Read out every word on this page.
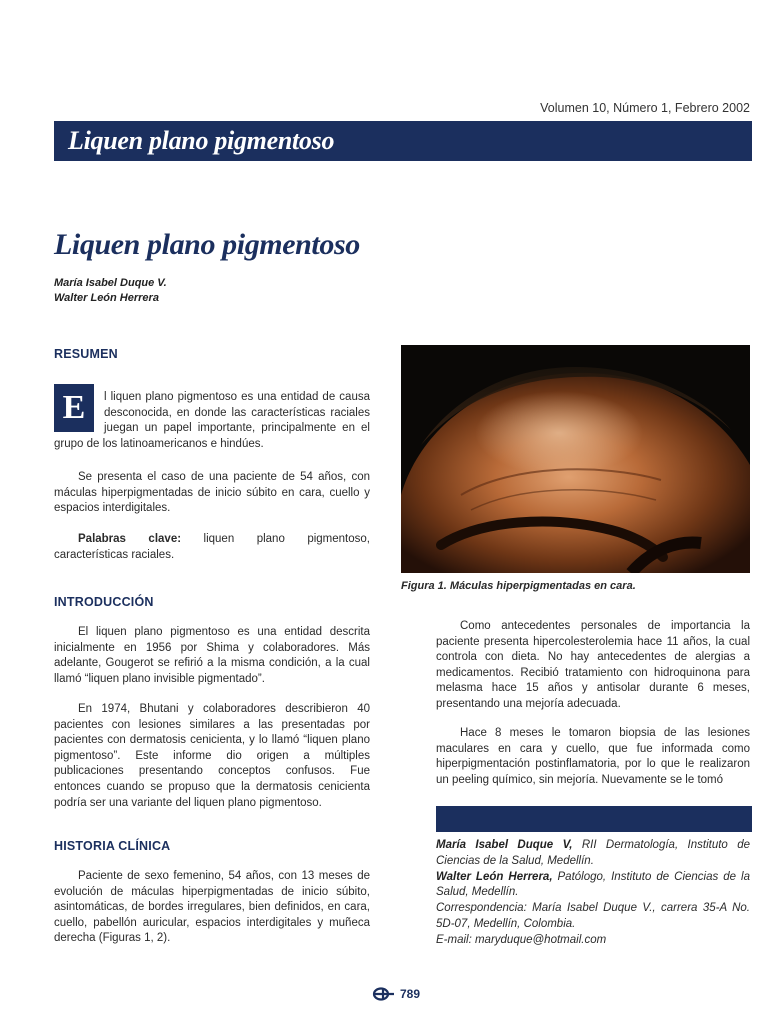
Volumen 10, Número 1, Febrero 2002
Liquen plano pigmentoso
Liquen plano pigmentoso
María Isabel Duque V.
Walter León Herrera
RESUMEN
E	l liquen plano pigmentoso es una entidad de causa desconocida, en donde las características raciales juegan un papel importante, principalmente en el grupo de los latinoamericanos e hindúes.

Se presenta el caso de una paciente de 54 años, con máculas hiperpigmentadas de inicio súbito en cara, cuello y espacios interdigitales.

Palabras clave: liquen plano pigmentoso, características raciales.

INTRODUCCIÓN

El liquen plano pigmentoso es una entidad descrita inicialmente en 1956 por Shima y colaboradores. Más adelante, Gougerot se refirió a la misma condición, a la cual llamó “liquen plano invisible pigmentado”.

En 1974, Bhutani y colaboradores describieron 40 pacientes con lesiones similares a las presentadas por pacientes con dermatosis cenicienta, y lo llamó “liquen plano pigmentoso”. Este informe dio origen a múltiples publicaciones presentando conceptos confusos. Fue entonces cuando se propuso que la dermatosis cenicienta podría ser una variante del liquen plano pigmentoso.

HISTORIA CLÍNICA

Paciente de sexo femenino, 54 años, con 13 meses de evolución de máculas hiperpigmentadas de inicio súbito, asintomáticas, de bordes irregulares, bien definidos, en cara, cuello, pabellón auricular, espacios interdigitales y muñeca derecha (Figuras 1, 2).

Figura 1. Máculas hiperpigmentadas en cara.

Como antecedentes personales de importancia la paciente presenta hipercolesterolemia hace 11 años, la cual controla con dieta. No hay antecedentes de alergias a medicamentos. Recibió tratamiento con hidroquinona para melasma hace 15 años y antisolar durante 6 meses, presentando una mejoría adecuada.

Hace 8 meses le tomaron biopsia de las lesiones maculares en cara y cuello, que fue informada como hiperpigmentación postinflamatoria, por lo que le realizaron un peeling químico, sin mejoría. Nuevamente se le tomó

María Isabel Duque V, RII Dermatología, Instituto de Ciencias de la Salud, Medellín.
Walter León Herrera, Patólogo, Instituto de Ciencias de la Salud, Medellín.
Correspondencia: María Isabel Duque V., carrera 35-A No. 5D-07, Medellín, Colombia.
E-mail: maryduque@hotmail.com
789
